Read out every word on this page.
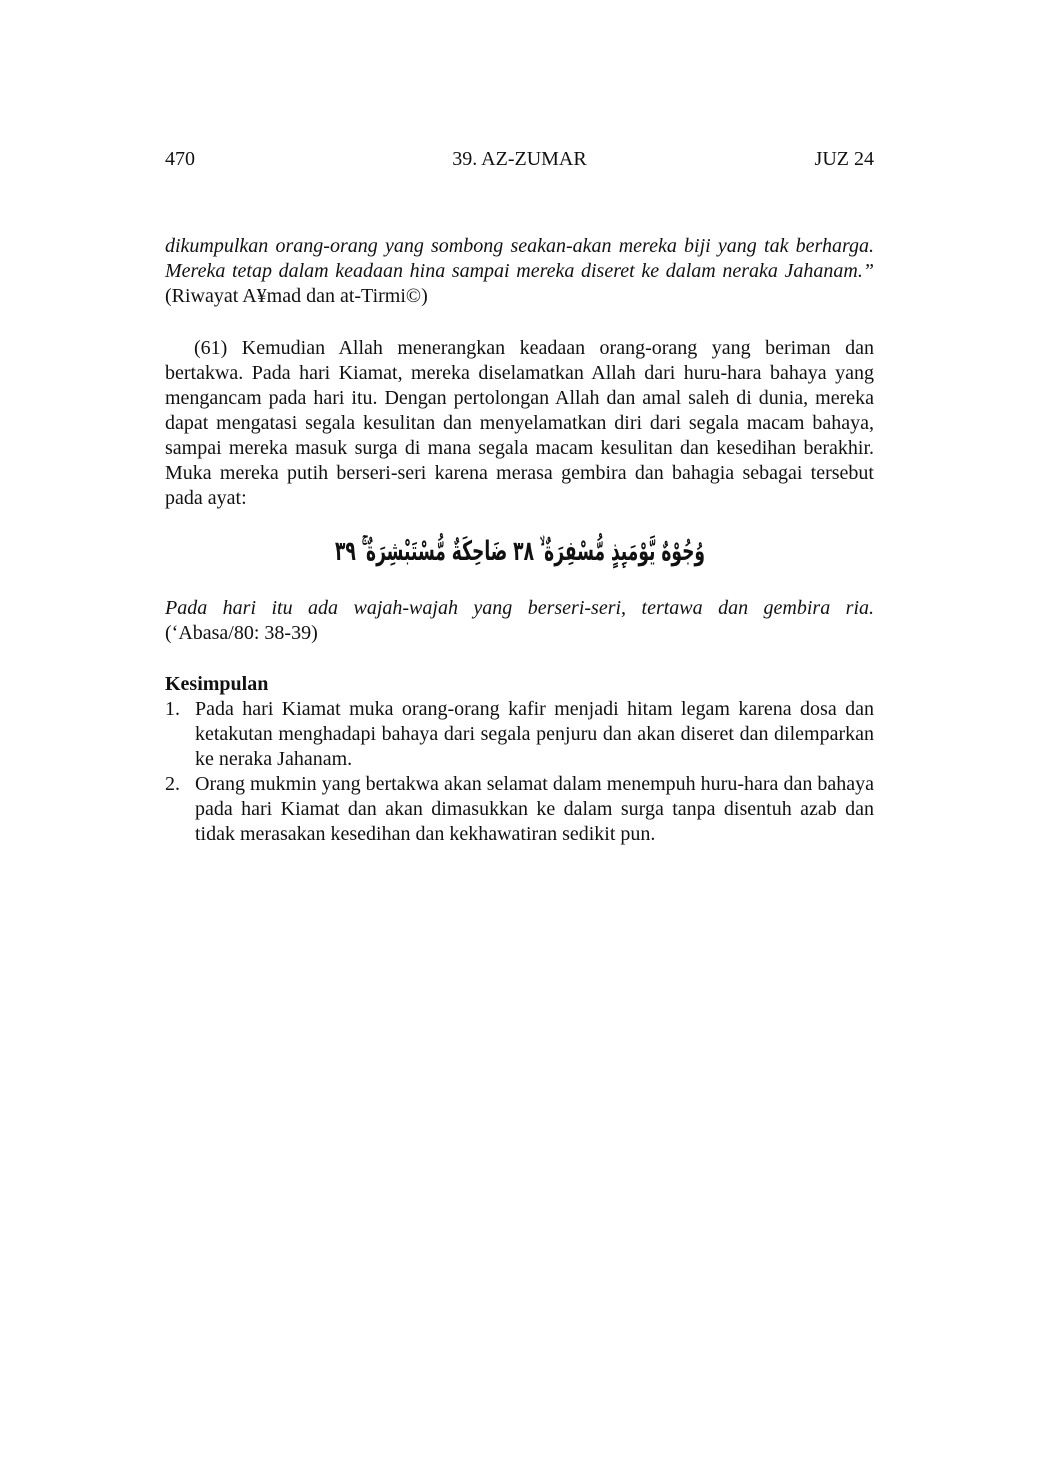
470	39. AZ-ZUMAR	JUZ 24

dikumpulkan orang-orang yang sombong seakan-akan mereka biji yang tak berharga. Mereka tetap dalam keadaan hina sampai mereka diseret ke dalam neraka Jahanam.” (Riwayat A¥mad dan at-Tirmi©)

(61) Kemudian Allah menerangkan keadaan orang-orang yang beriman dan bertakwa. Pada hari Kiamat, mereka diselamatkan Allah dari huru-hara bahaya yang mengancam pada hari itu. Dengan pertolongan Allah dan amal saleh di dunia, mereka dapat mengatasi segala kesulitan dan menyelamatkan diri dari segala macam bahaya, sampai mereka masuk surga di mana segala macam kesulitan dan kesedihan berakhir. Muka mereka putih berseri-seri karena merasa gembira dan bahagia sebagai tersebut pada ayat:

وُجُوْهٌ يَّوْمَىِٕذٍ مُّسْفِرَةٌ ۙ ٣٨ ضَاحِكَةٌ مُّسْتَبْشِرَةٌ ۚ ٣٩

Pada hari itu ada wajah-wajah yang berseri-seri, tertawa dan gembira ria.

(‘Abasa/80: 38-39)

Kesimpulan
1. Pada hari Kiamat muka orang-orang kafir menjadi hitam legam karena dosa dan ketakutan menghadapi bahaya dari segala penjuru dan akan diseret dan dilemparkan ke neraka Jahanam.

2. Orang mukmin yang bertakwa akan selamat dalam menempuh huru-hara dan bahaya pada hari Kiamat dan akan dimasukkan ke dalam surga tanpa disentuh azab dan tidak merasakan kesedihan dan kekhawatiran sedikit pun.
